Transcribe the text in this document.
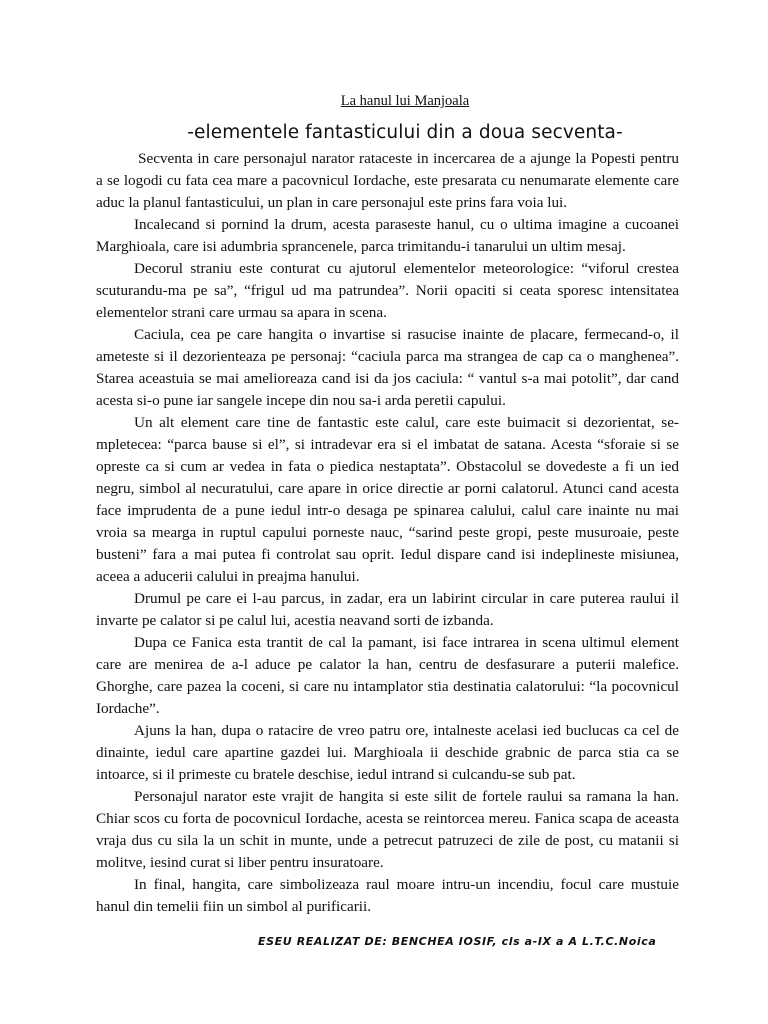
La hanul lui Manjoala
-elementele fantasticului din a doua secventa-

Secventa in care personajul narator rataceste in incercarea de a ajunge la Popesti pentru a se logodi cu fata cea mare a pacovnicul Iordache, este presarata cu nenumarate elemente care aduc la planul fantasticului, un plan in care personajul este prins fara voia lui.

Incalecand si pornind la drum, acesta paraseste hanul, cu o ultima imagine a cucoanei Marghioala, care isi adumbria sprancenele, parca trimitandu-i tanarului un ultim mesaj.

Decorul straniu este conturat cu ajutorul elementelor meteorologice: “viforul crestea scuturandu-ma pe sa”, “frigul ud ma patrundea”. Norii opaciti si ceata sporesc intensitatea elementelor strani care urmau sa apara in scena.

Caciula, cea pe care hangita o invartise si rasucise inainte de placare, fermecand-o, il ameteste si il dezorienteaza pe personaj: “caciula parca ma strangea de cap ca o manghenea”. Starea aceastuia se mai amelioreaza cand isi da jos caciula: “ vantul s-a mai potolit”, dar cand acesta si-o pune iar sangele incepe din nou sa-i arda peretii capului.

Un alt element care tine de fantastic este calul, care este buimacit si dezorientat, se-mpletecea: “parca bause si el”, si intradevar era si el imbatat de satana. Acesta “sforaie si se opreste ca si cum ar vedea in fata o piedica nestaptata”. Obstacolul se dovedeste a fi un ied negru, simbol al necuratului, care apare in orice directie ar porni calatorul. Atunci cand acesta face imprudenta de a pune iedul intr-o desaga pe spinarea calului, calul care inainte nu mai vroia sa mearga in ruptul capului porneste nauc, “sarind peste gropi, peste musuroaie, peste busteni” fara a mai putea fi controlat sau oprit. Iedul dispare cand isi indeplineste misiunea, aceea a aducerii calului in preajma hanului.

Drumul pe care ei l-au parcus, in zadar, era un labirint circular in care puterea raului il invarte pe calator si pe calul lui, acestia neavand sorti de izbanda.

Dupa ce Fanica esta trantit de cal la pamant, isi face intrarea in scena ultimul element care are menirea de a-l aduce pe calator la han, centru de desfasurare a puterii malefice. Ghorghe, care pazea la coceni, si care nu intamplator stia destinatia calatorului: “la pocovnicul Iordache”.

Ajuns la han, dupa o ratacire de vreo patru ore, intalneste acelasi ied buclucas ca cel de dinainte, iedul care apartine gazdei lui. Marghioala ii deschide grabnic de parca stia ca se intoarce, si il primeste cu bratele deschise, iedul intrand si culcandu-se sub pat.

Personajul narator este vrajit de hangita si este silit de fortele raului sa ramana la han. Chiar scos cu forta de pocovnicul Iordache, acesta se reintorcea mereu. Fanica scapa de aceasta vraja dus cu sila la un schit in munte, unde a petrecut patruzeci de zile de post, cu matanii si molitve, iesind curat si liber pentru insuratoare.

In final, hangita, care simbolizeaza raul moare intru-un incendiu, focul care mustuie hanul din temelii fiin un simbol al purificarii.

ESEU REALIZAT DE: BENCHEA IOSIF, cls a-IX a A L.T.C.Noica
